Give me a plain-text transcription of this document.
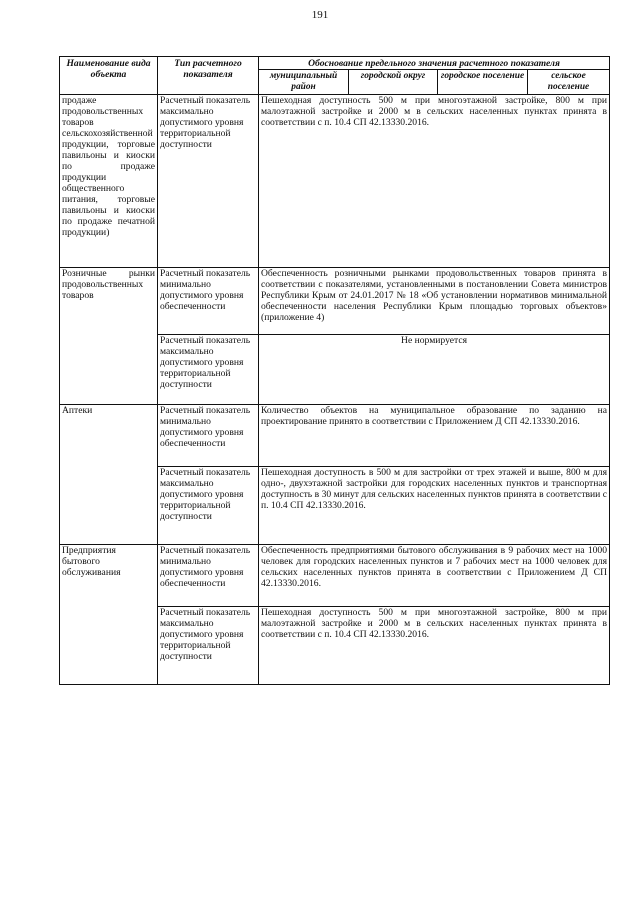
191
Наименование вида объекта	Тип расчетного показателя	Обоснование предельного значения расчетного показателя			
		муниципальный район	городской округ	городское поселение	сельское поселение
продаже продовольственных товаров сельскохозяйственной продукции, торговые павильоны и киоски по продаже продукции общественного питания, торговые павильоны и киоски по продаже печатной продукции)	Расчетный показатель максимально допустимого уровня территориальной доступности	Пешеходная доступность 500 м при многоэтажной застройке, 800 м при малоэтажной застройке и 2000 м в сельских населенных пунктах принята в соответствии с п. 10.4 СП 42.13330.2016.			
Розничные рынки продовольственных товаров	Расчетный показатель минимально допустимого уровня обеспеченности	Обеспеченность розничными рынками продовольственных товаров принята в соответствии с показателями, установленными в постановлении Совета министров Республики Крым от 24.01.2017 № 18 «Об установлении нормативов минимальной обеспеченности населения Республики Крым площадью торговых объектов» (приложение 4)			
	Расчетный показатель максимально допустимого уровня территориальной доступности	Не нормируется			
Аптеки	Расчетный показатель минимально допустимого уровня обеспеченности	Количество объектов на муниципальное образование по заданию на проектирование принято в соответствии с Приложением Д СП 42.13330.2016.			
	Расчетный показатель максимально допустимого уровня территориальной доступности	Пешеходная доступность в 500 м для застройки от трех этажей и выше, 800 м для одно-, двухэтажной застройки для городских населенных пунктов и транспортная доступность в 30 минут для сельских населенных пунктов принята в соответствии с п. 10.4 СП 42.13330.2016.			
Предприятия бытового обслуживания	Расчетный показатель минимально допустимого уровня обеспеченности	Обеспеченность предприятиями бытового обслуживания в 9 рабочих мест на 1000 человек для городских населенных пунктов и 7 рабочих мест на 1000 человек для сельских населенных пунктов принята в соответствии с Приложением Д СП 42.13330.2016.			
	Расчетный показатель максимально допустимого уровня территориальной доступности	Пешеходная доступность 500 м при многоэтажной застройке, 800 м при малоэтажной застройке и 2000 м в сельских населенных пунктах принята в соответствии с п. 10.4 СП 42.13330.2016.			
